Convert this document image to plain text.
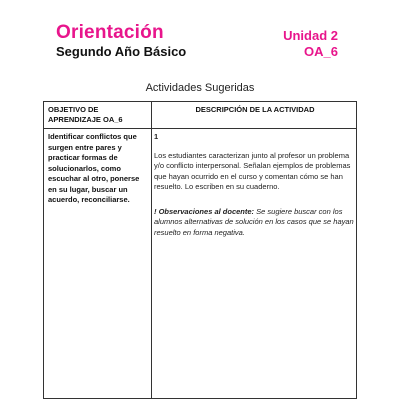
Orientación
Segundo Año Básico
Unidad 2
OA_6
Actividades Sugeridas
OBJETIVO DE APRENDIZAJE OA_6
DESCRIPCIÓN DE LA ACTIVIDAD
Identificar conflictos que surgen entre pares y practicar formas de solucionarlos, como escuchar al otro, ponerse en su lugar, buscar un acuerdo, reconciliarse.

1

Los estudiantes caracterizan junto al profesor un problema y/o conflicto interpersonal. Señalan ejemplos de problemas que hayan ocurrido en el curso y comentan cómo se han resuelto. Lo escriben en su cuaderno.

! Observaciones al docente: Se sugiere buscar con los alumnos alternativas de solución en los casos que se hayan resuelto en forma negativa.
